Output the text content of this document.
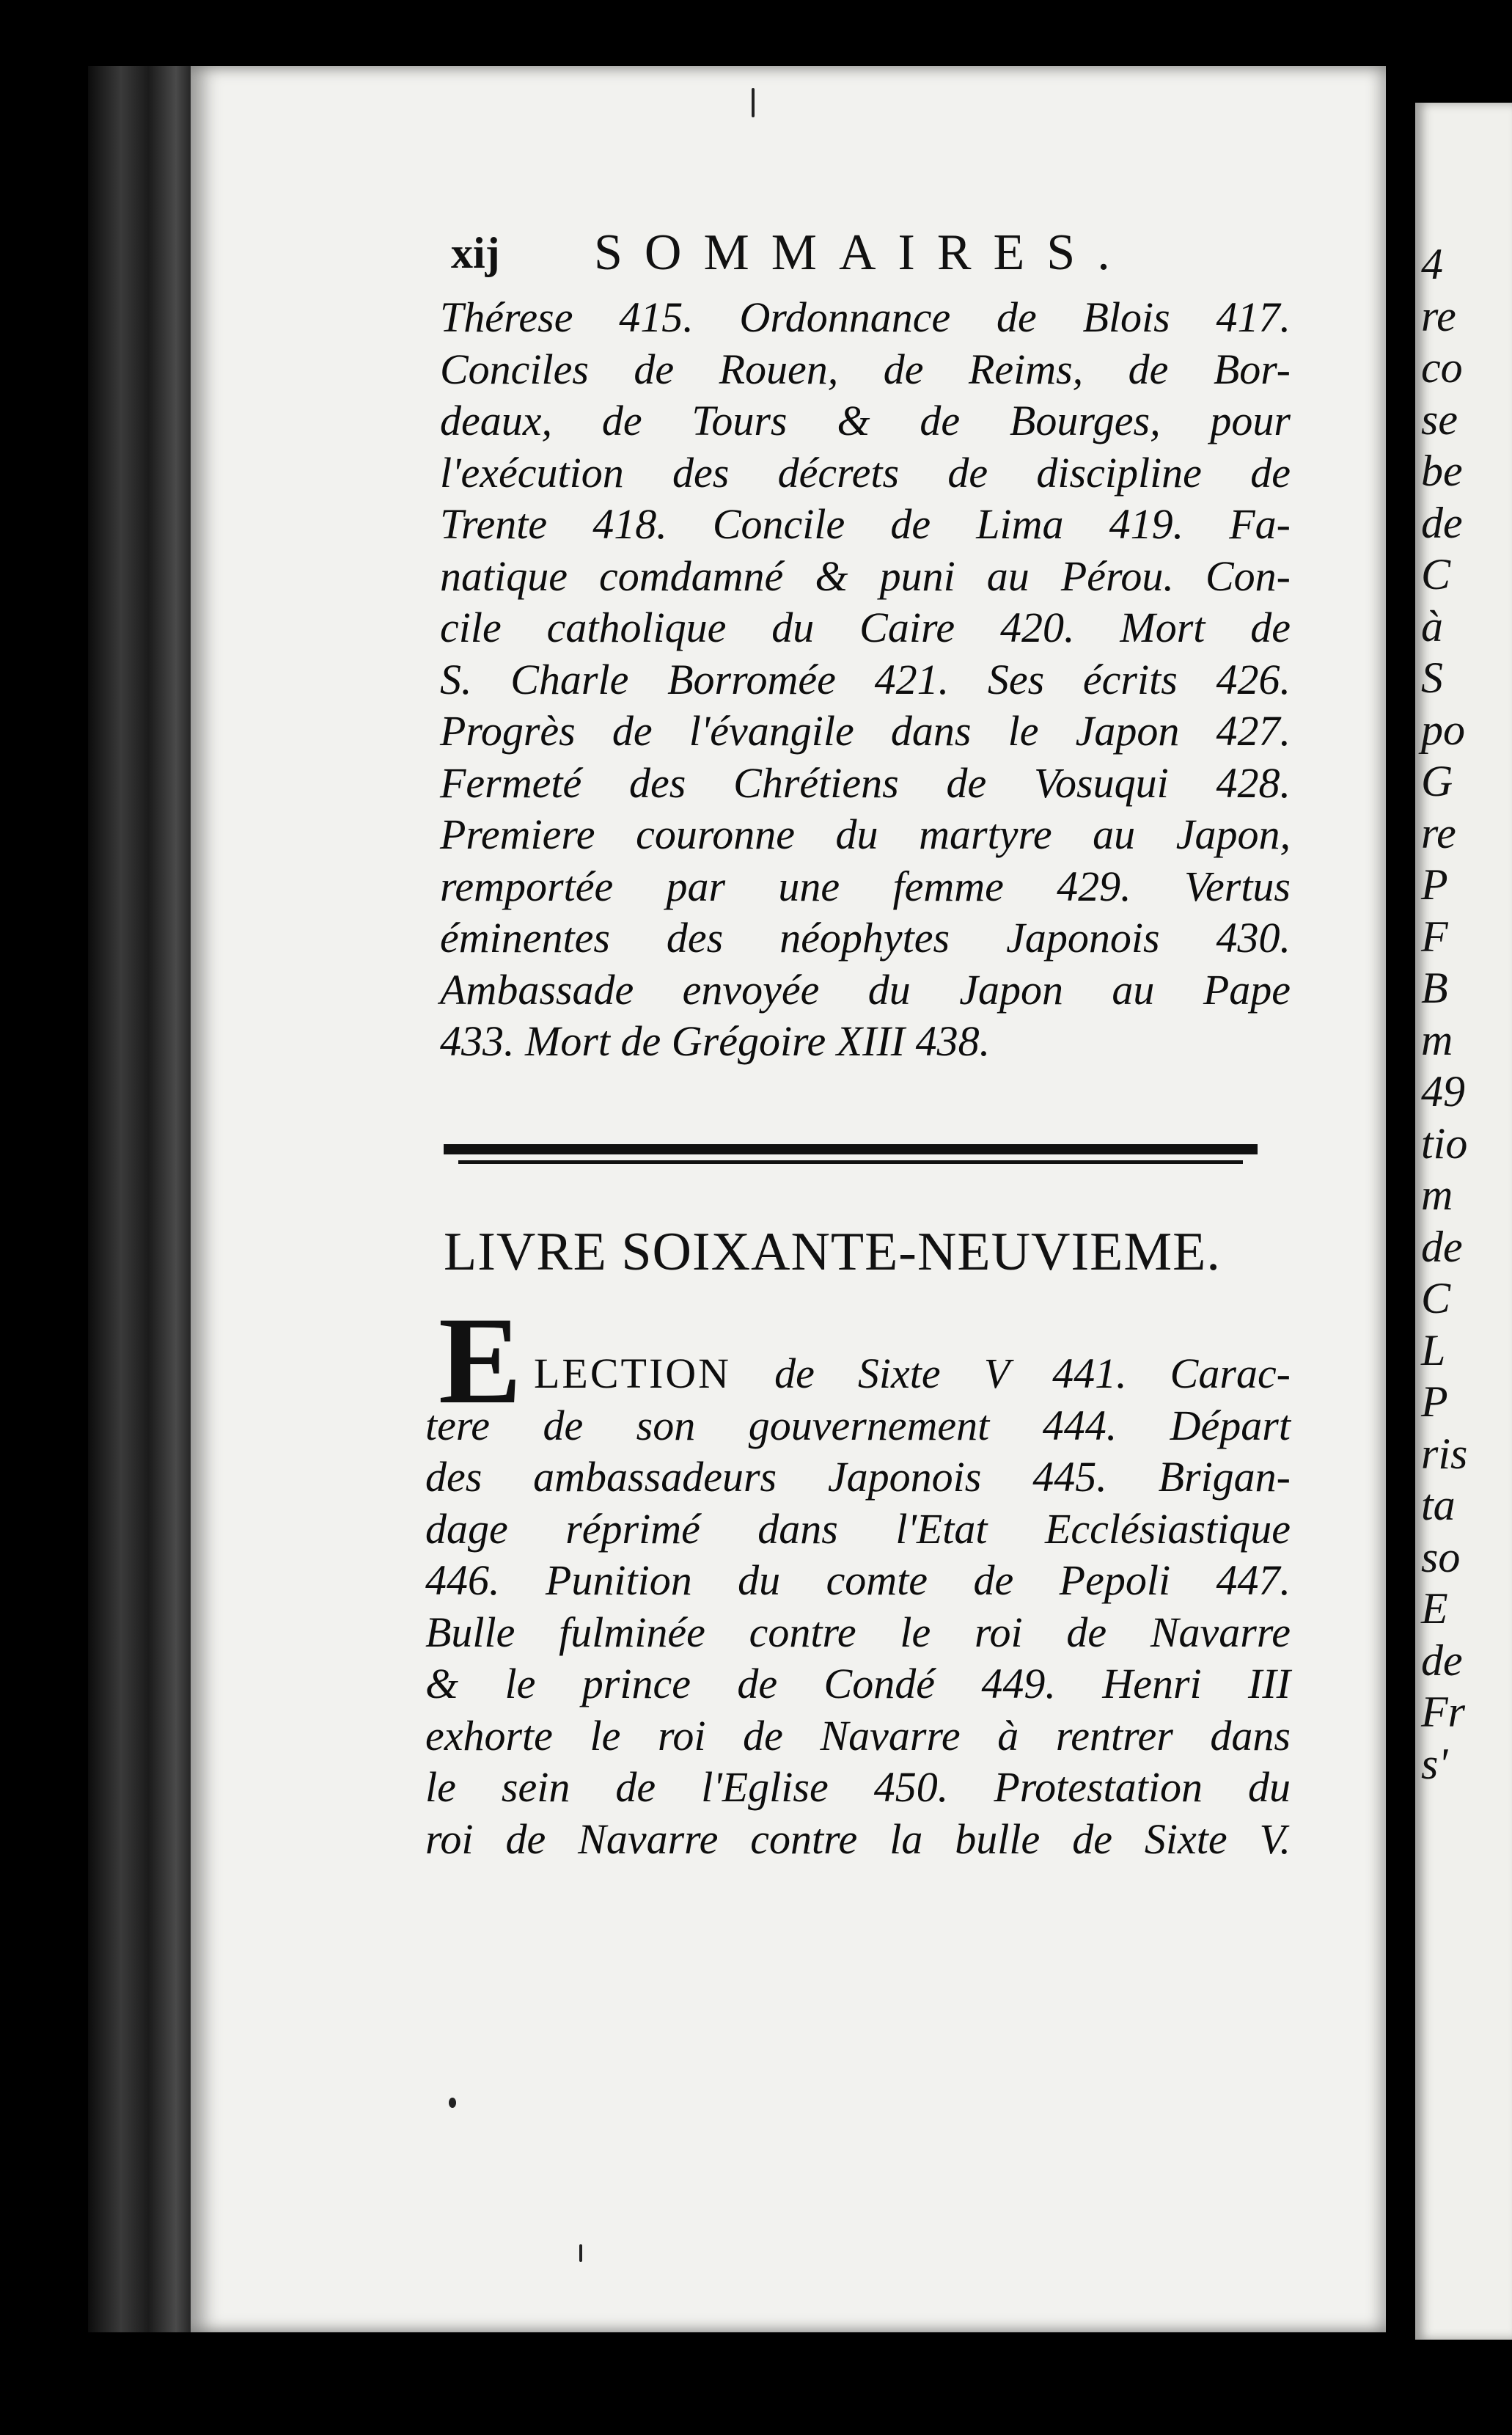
4
re
co
se
be
de
C
à
S
po
G
re
P
F
B
m
49
tio
m
de
C
L
P
ris
ta
so
E
de
Fr
s'
xij SOMMAIRES.
Thérese 415. Ordonnance de Blois 417.
Conciles de Rouen, de Reims, de Bor-
deaux, de Tours & de Bourges, pour
l'exécution des décrets de discipline de
Trente 418. Concile de Lima 419. Fa-
natique comdamné & puni au Pérou. Con-
cile catholique du Caire 420. Mort de
S. Charle Borromée 421. Ses écrits 426.
Progrès de l'évangile dans le Japon 427.
Fermeté des Chrétiens de Vosuqui 428.
Premiere couronne du martyre au Japon,
remportée par une femme 429. Vertus
éminentes des néophytes Japonois 430.
Ambassade envoyée du Japon au Pape
433. Mort de Grégoire XIII 438.
LIVRE SOIXANTE-NEUVIEME.
E LECTION de Sixte V 441. Carac-
tere de son gouvernement 444. Départ
des ambassadeurs Japonois 445. Brigan-
dage réprimé dans l'Etat Ecclésiastique
446. Punition du comte de Pepoli 447.
Bulle fulminée contre le roi de Navarre
& le prince de Condé 449. Henri III
exhorte le roi de Navarre à rentrer dans
le sein de l'Eglise 450. Protestation du
roi de Navarre contre la bulle de Sixte V.
